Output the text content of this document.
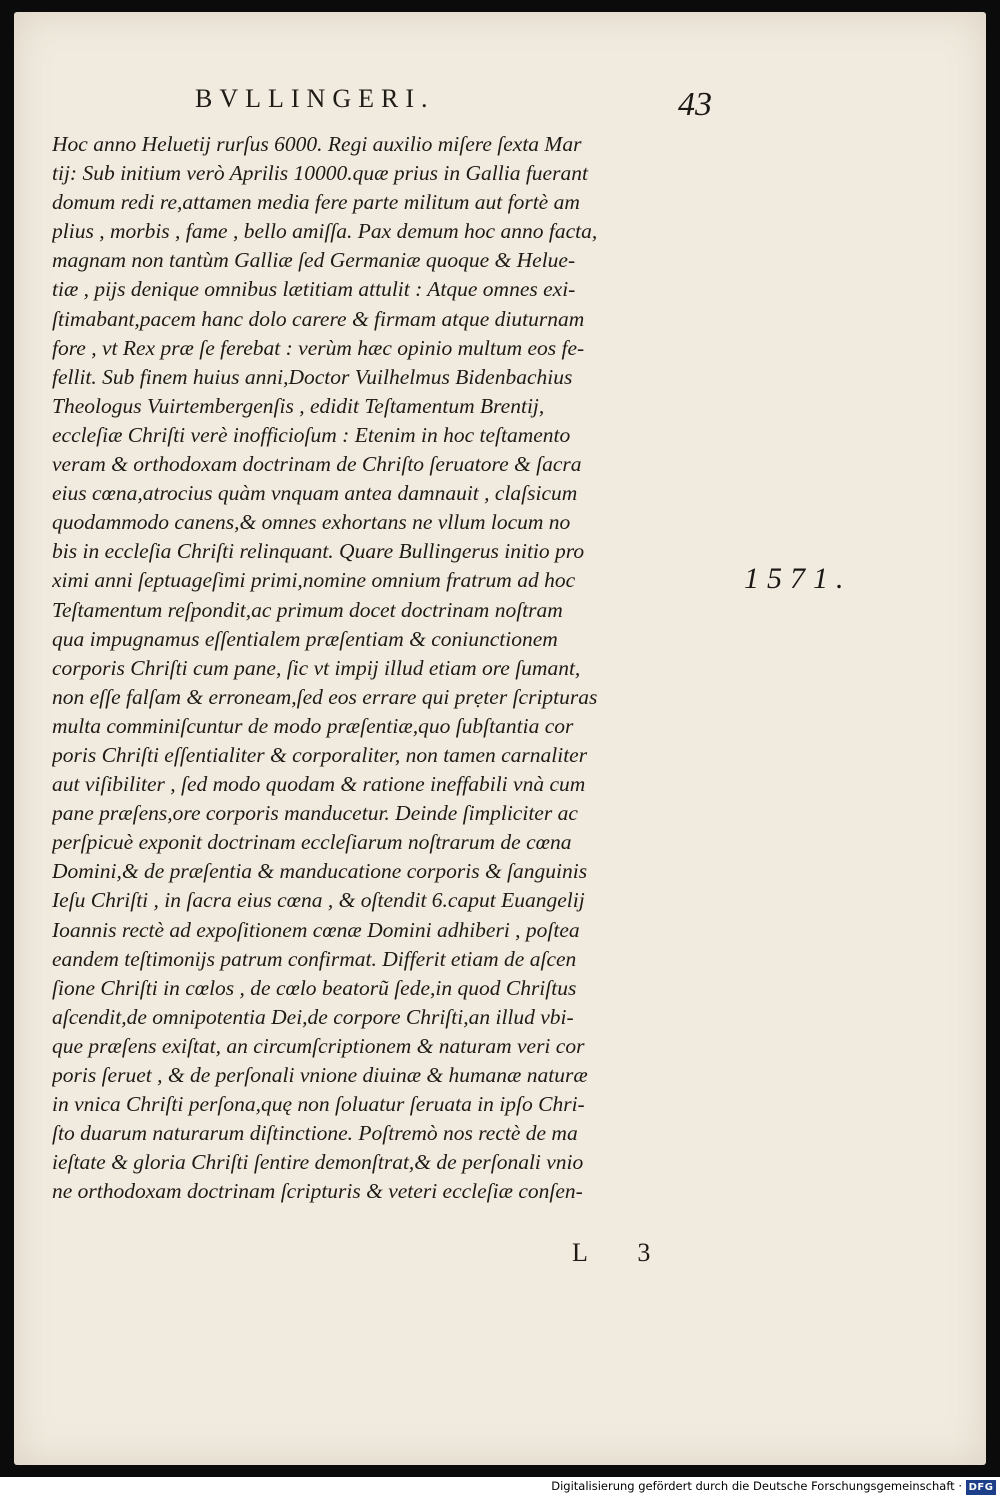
BVLLINGERI.	43
Hoc anno Heluetij rurſus 6000. Regi auxilio miſere ſexta Mar
tij: Sub initium verò Aprilis 10000.quæ prius in Gallia fuerant
domum redi re,attamen media fere parte militum aut fortè am
plius , morbis , fame , bello amiſſa. Pax demum hoc anno facta,
magnam non tantùm Galliæ ſed Germaniæ quoque & Helue-
tiæ , pijs denique omnibus lætitiam attulit : Atque omnes exi-
ſtimabant,pacem hanc dolo carere & firmam atque diuturnam
fore , vt Rex præ ſe ferebat : verùm hæc opinio multum eos fe-
fellit. Sub finem huius anni,Doctor Vuilhelmus Bidenbachius
Theologus Vuirtembergenſis , edidit Teſtamentum Brentij,
eccleſiæ Chriſti verè inofficioſum : Etenim in hoc teſtamento
veram & orthodoxam doctrinam de Chriſto ſeruatore & ſacra
eius cœna,atrocius quàm vnquam antea damnauit , claſsicum
quodammodo canens,& omnes exhortans ne vllum locum no
bis in eccleſia Chriſti relinquant. Quare Bullingerus initio pro
ximi anni ſeptuageſimi primi,nomine omnium fratrum ad hoc
Teſtamentum reſpondit,ac primum docet doctrinam noſtram
qua impugnamus eſſentialem præſentiam & coniunctionem
corporis Chriſti cum pane, ſic vt impij illud etiam ore ſumant,
non eſſe falſam & erroneam,ſed eos errare qui prẹter ſcripturas
multa comminiſcuntur de modo præſentiæ,quo ſubſtantia cor
poris Chriſti eſſentialiter & corporaliter, non tamen carnaliter
aut viſibiliter , ſed modo quodam & ratione ineffabili vnà cum
pane præſens,ore corporis manducetur. Deinde ſimpliciter ac
perſpicuè exponit doctrinam eccleſiarum noſtrarum de cœna
Domini,& de præſentia & manducatione corporis & ſanguinis
Ieſu Chriſti , in ſacra eius cœna , & oſtendit 6.caput Euangelij
Ioannis rectè ad expoſitionem cœnæ Domini adhiberi , poſtea
eandem teſtimonijs patrum confirmat. Differit etiam de aſcen
ſione Chriſti in cœlos , de cœlo beatorũ ſede,in quod Chriſtus
aſcendit,de omnipotentia Dei,de corpore Chriſti,an illud vbi-
que præſens exiſtat, an circumſcriptionem & naturam veri cor
poris ſeruet , & de perſonali vnione diuinæ & humanæ naturæ
in vnica Chriſti perſona,quę non ſoluatur ſeruata in ipſo Chri-
ſto duarum naturarum diſtinctione. Poſtremò nos rectè de ma
ieſtate & gloria Chriſti ſentire demonſtrat,& de perſonali vnio
ne orthodoxam doctrinam ſcripturis & veteri eccleſiæ conſen-
1571.
L 3
Digitalisierung gefördert durch die Deutsche Forschungsgemeinschaft · DFG
